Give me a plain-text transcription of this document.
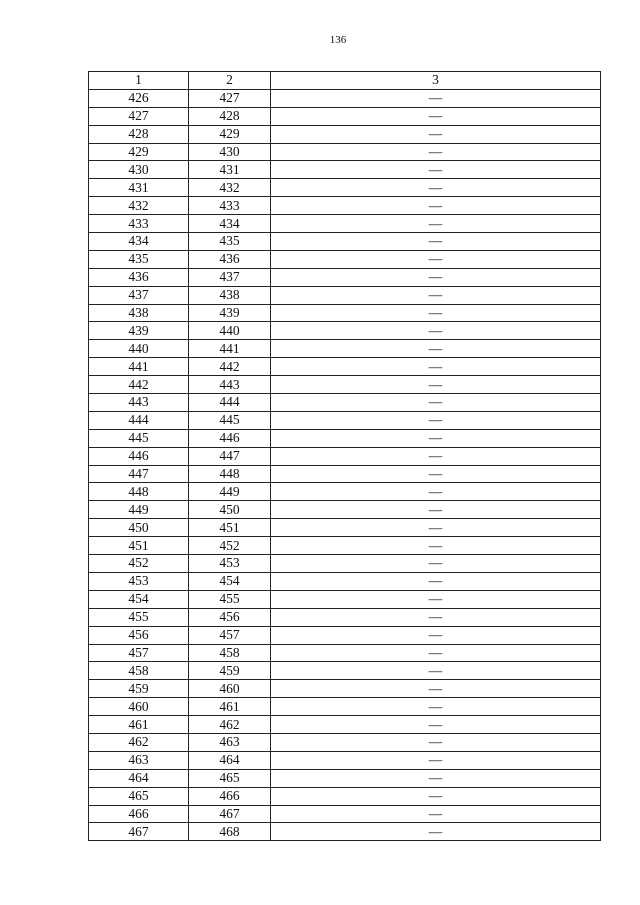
136
1	2	3
426	427	—
427	428	—
428	429	—
429	430	—
430	431	—
431	432	—
432	433	—
433	434	—
434	435	—
435	436	—
436	437	—
437	438	—
438	439	—
439	440	—
440	441	—
441	442	—
442	443	—
443	444	—
444	445	—
445	446	—
446	447	—
447	448	—
448	449	—
449	450	—
450	451	—
451	452	—
452	453	—
453	454	—
454	455	—
455	456	—
456	457	—
457	458	—
458	459	—
459	460	—
460	461	—
461	462	—
462	463	—
463	464	—
464	465	—
465	466	—
466	467	—
467	468	—
